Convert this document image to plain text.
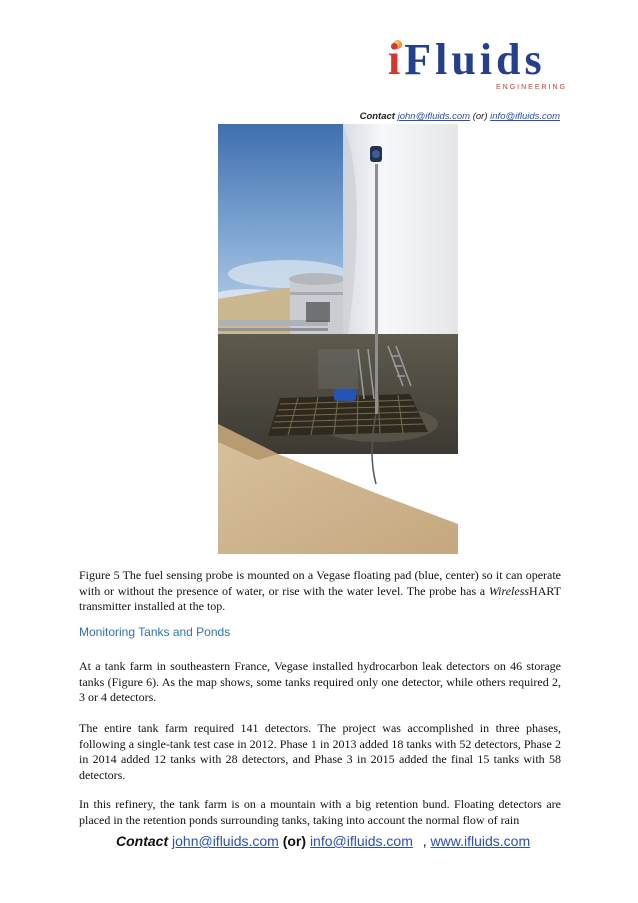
iFluids
ENGINEERING
Contact john@ifluids.com (or) info@ifluids.com

Figure 5 The fuel sensing probe is mounted on a Vegase floating pad (blue, center) so it can operate with or without the presence of water, or rise with the water level. The probe has a WirelessHART transmitter installed at the top.

Monitoring Tanks and Ponds

At a tank farm in southeastern France, Vegase installed hydrocarbon leak detectors on 46 storage tanks (Figure 6). As the map shows, some tanks required only one detector, while others required 2, 3 or 4 detectors.

The entire tank farm required 141 detectors. The project was accomplished in three phases, following a single-tank test case in 2012. Phase 1 in 2013 added 18 tanks with 52 detectors, Phase 2 in 2014 added 12 tanks with 28 detectors, and Phase 3 in 2015 added the final 15 tanks with 58 detectors.

In this refinery, the tank farm is on a mountain with a big retention bund. Floating detectors are placed in the retention ponds surrounding tanks, taking into account the normal flow of rain

Contact john@ifluids.com (or) info@ifluids.com , www.ifluids.com
